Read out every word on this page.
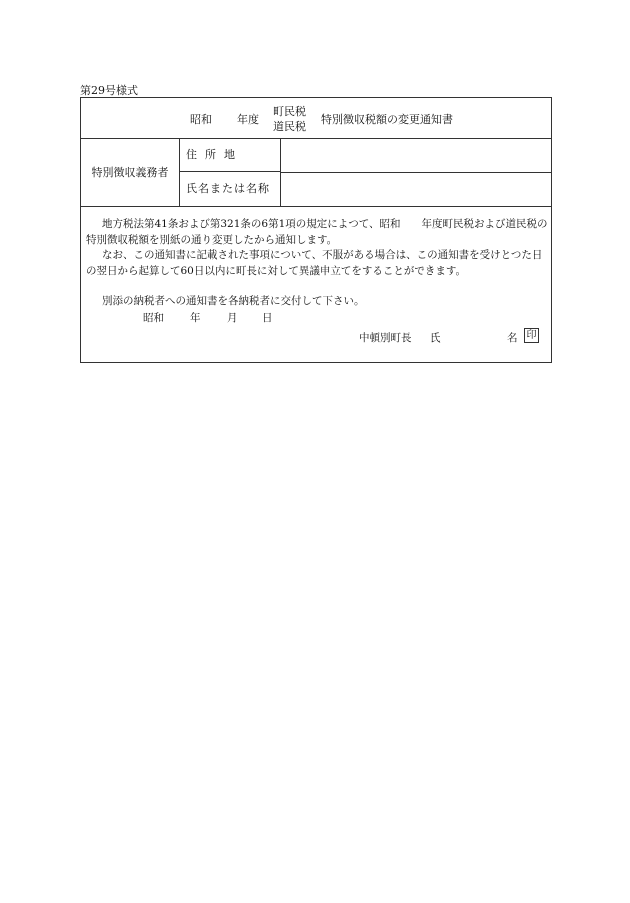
第29号様式
昭和 年度
町民税
道民税
特別徴収税額の変更通知書
特別徴収義務者
住所地
氏名または名称
地方税法第41条および第321条の6第1項の規定によつて、昭和　　年度町民税および道民税の特別徴収税額を別紙の通り変更したから通知します。
なお、この通知書に記載された事項について、不服がある場合は、この通知書を受けとつた日の翌日から起算して60日以内に町長に対して異議申立てをすることができます。
別添の納税者への通知書を各納税者に交付して下さい。
昭和 年	月 日
中頓別町長 氏	名 印
